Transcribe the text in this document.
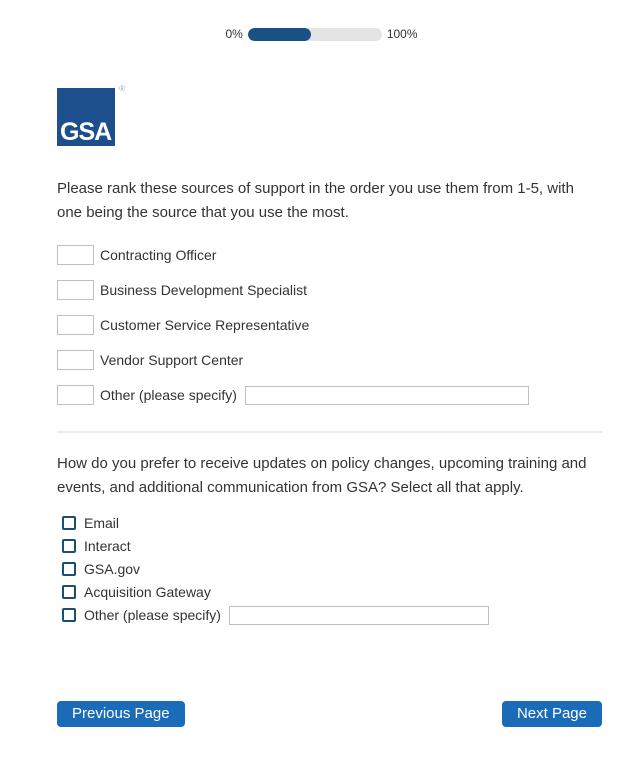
0%	100%
GSA
®
Please rank these sources of support in the order you use them from 1-5, with one being the source that you use the most.
Contracting Officer
Business Development Specialist
Customer Service Representative
Vendor Support Center
Other (please specify)
How do you prefer to receive updates on policy changes, upcoming training and events, and additional communication from GSA? Select all that apply.
Email
Interact
GSA.gov
Acquisition Gateway
Other (please specify)
Previous Page	Next Page
